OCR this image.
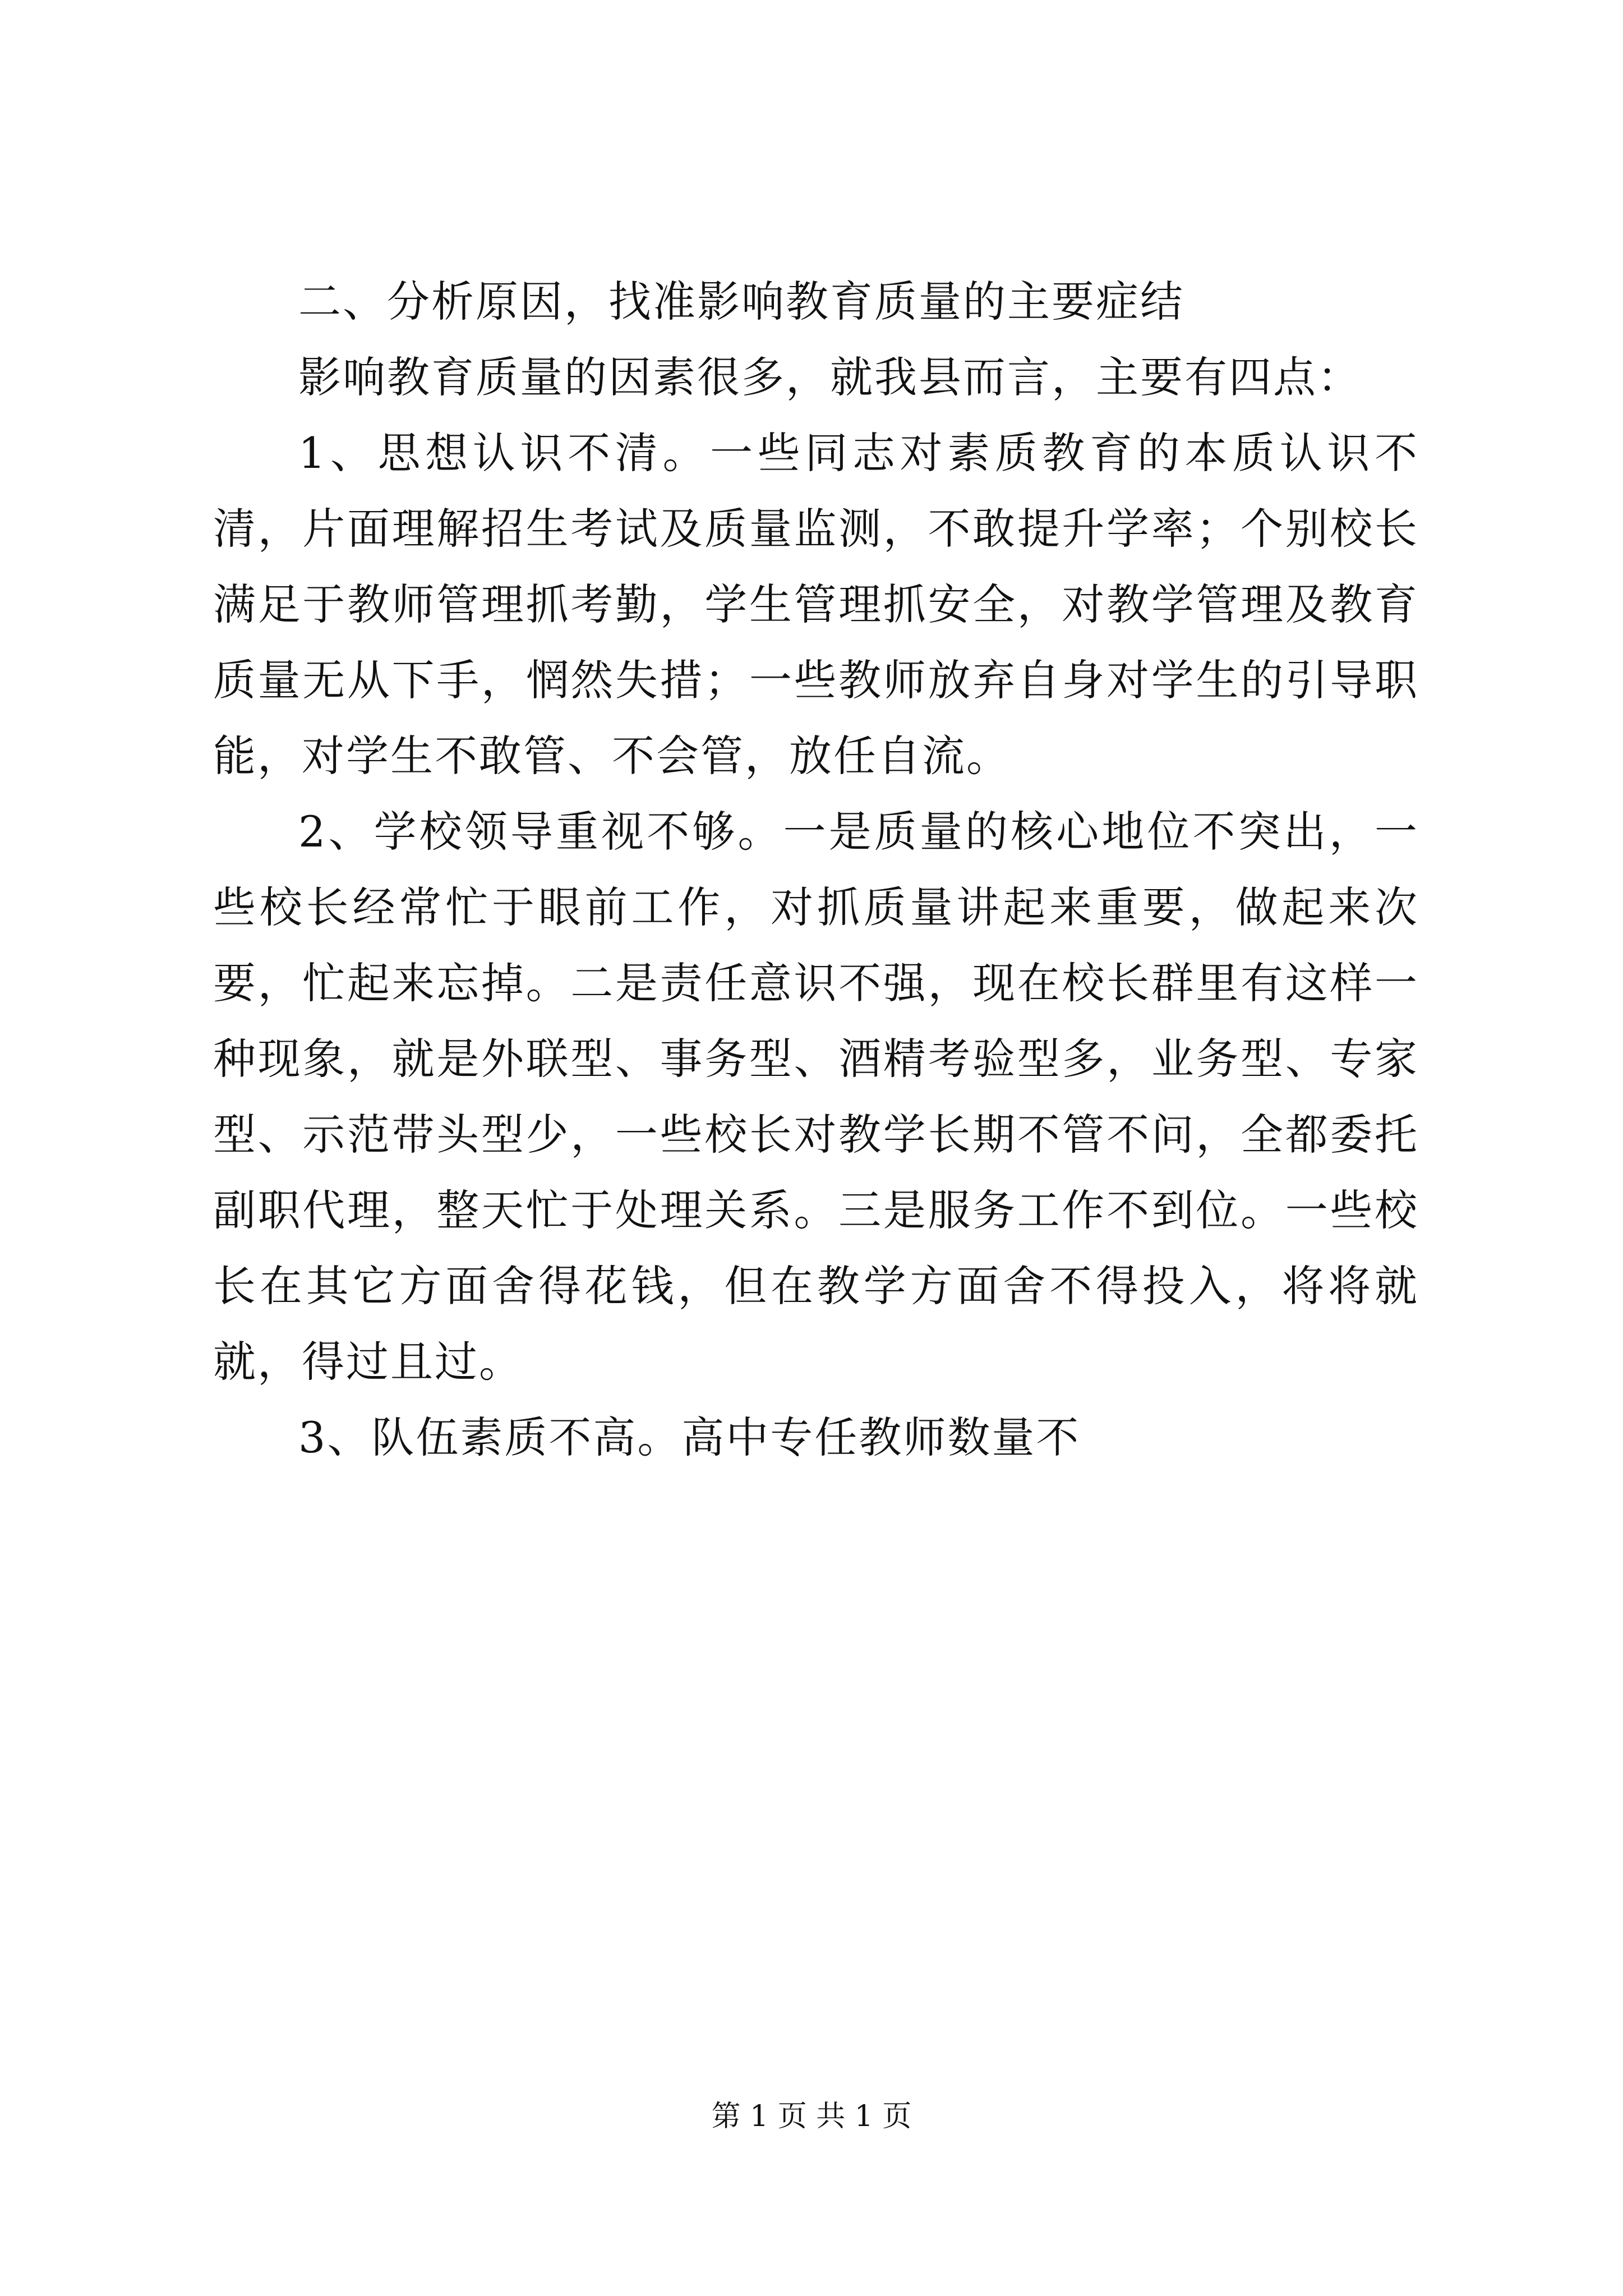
二、分析原因，找准影响教育质量的主要症结

影响教育质量的因素很多，就我县而言，主要有四点：

1、思想认识不清。一些同志对素质教育的本质认识不清，片面理解招生考试及质量监测，不敢提升学率；个别校长满足于教师管理抓考勤，学生管理抓安全，对教学管理及教育质量无从下手，惘然失措；一些教师放弃自身对学生的引导职能，对学生不敢管、不会管，放任自流。

2、学校领导重视不够。一是质量的核心地位不突出，一些校长经常忙于眼前工作，对抓质量讲起来重要，做起来次要，忙起来忘掉。二是责任意识不强，现在校长群里有这样一种现象，就是外联型、事务型、酒精考验型多，业务型、专家型、示范带头型少，一些校长对教学长期不管不问，全都委托副职代理，整天忙于处理关系。三是服务工作不到位。一些校长在其它方面舍得花钱，但在教学方面舍不得投入，将将就就，得过且过。

3、队伍素质不高。高中专任教师数量不

第 1 页 共 1 页
